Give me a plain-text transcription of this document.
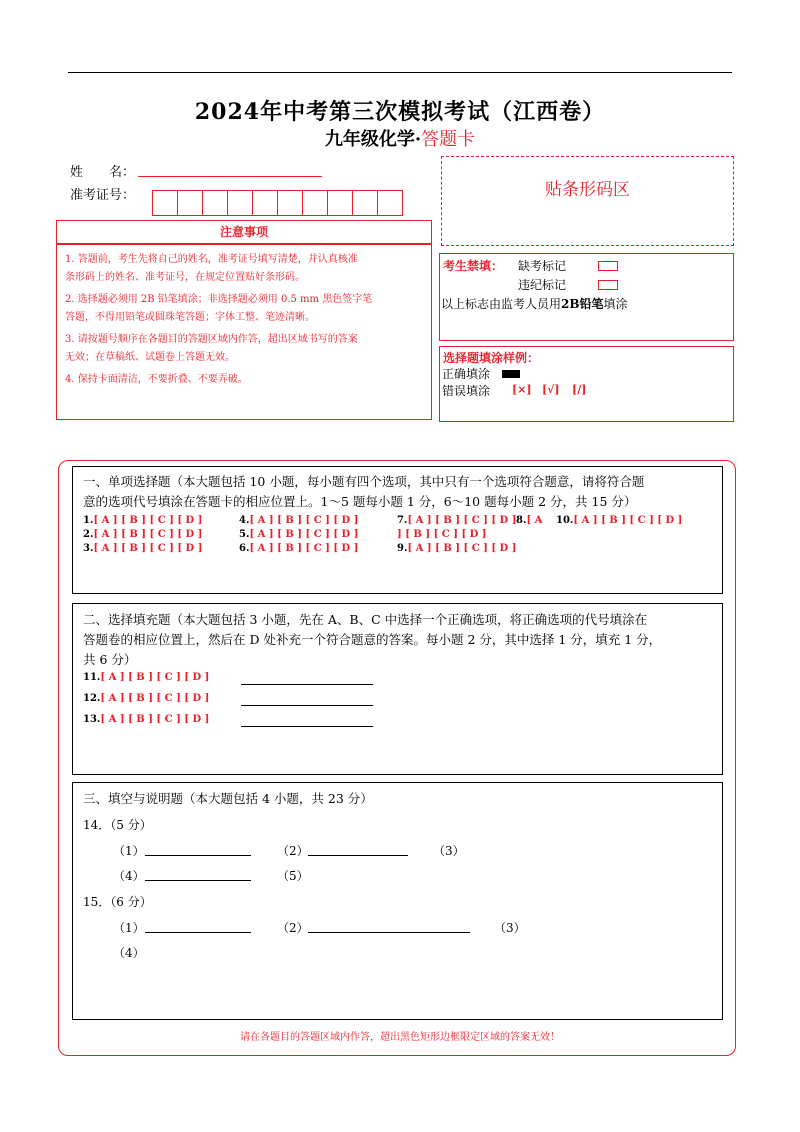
2024年中考第三次模拟考试（江西卷）
九年级化学·答题卡
姓　　名：
准考证号：	贴条形码区
注意事项
1. 答题前，考生先将自己的姓名，准考证号填写清楚，并认真核准
条形码上的姓名、准考证号，在规定位置贴好条形码。
2. 选择题必须用 2B 铅笔填涂；非选择题必须用 0.5 mm 黑色签字笔
答题，不得用铅笔或圆珠笔答题；字体工整、笔迹清晰。
3. 请按题号顺序在各题目的答题区域内作答，超出区域书写的答案
无效；在草稿纸、试题卷上答题无效。
4. 保持卡面清洁，不要折叠、不要弄破。
考生禁填： 缺考标记
违纪标记
以上标志由监考人员用2B铅笔填涂
选择题填涂样例：
正确填涂
错误填涂 [×] [√] [/]
一、单项选择题（本大题包括 10 小题，每小题有四个选项，其中只有一个选项符合题意，请将符合题
意的选项代号填涂在答题卡的相应位置上。1～5 题每小题 1 分，6～10 题每小题 2 分，共 15 分）
1.[ A ] [ B ] [ C ] [ D ]
2.[ A ] [ B ] [ C ] [ D ]
3.[ A ] [ B ] [ C ] [ D ]
4.[ A ] [ B ] [ C ] [ D ]
5.[ A ] [ B ] [ C ] [ D ]
6.[ A ] [ B ] [ C ] [ D ]
7.[ A ] [ B ] [ C ] [ D ] 8.[ A
] [ B ] [ C ] [ D ]
9.[ A ] [ B ] [ C ] [ D ]
10.[ A ] [ B ] [ C ] [ D ]
二、选择填充题（本大题包括 3 小题，先在 A、B、C 中选择一个正确选项，将正确选项的代号填涂在
答题卷的相应位置上，然后在 D 处补充一个符合题意的答案。每小题 2 分，其中选择 1 分，填充 1 分，
共 6 分）
11.[ A ] [ B ] [ C ] [ D ]
12.[ A ] [ B ] [ C ] [ D ]
13.[ A ] [ B ] [ C ] [ D ]
三、填空与说明题（本大题包括 4 小题，共 23 分）
14．（5 分）
（1）	（2）	（3）
（4）	（5）
15．（6 分）
（1）	（2）	（3）
（4）
请在各题目的答题区域内作答，超出黑色矩形边框限定区域的答案无效！
